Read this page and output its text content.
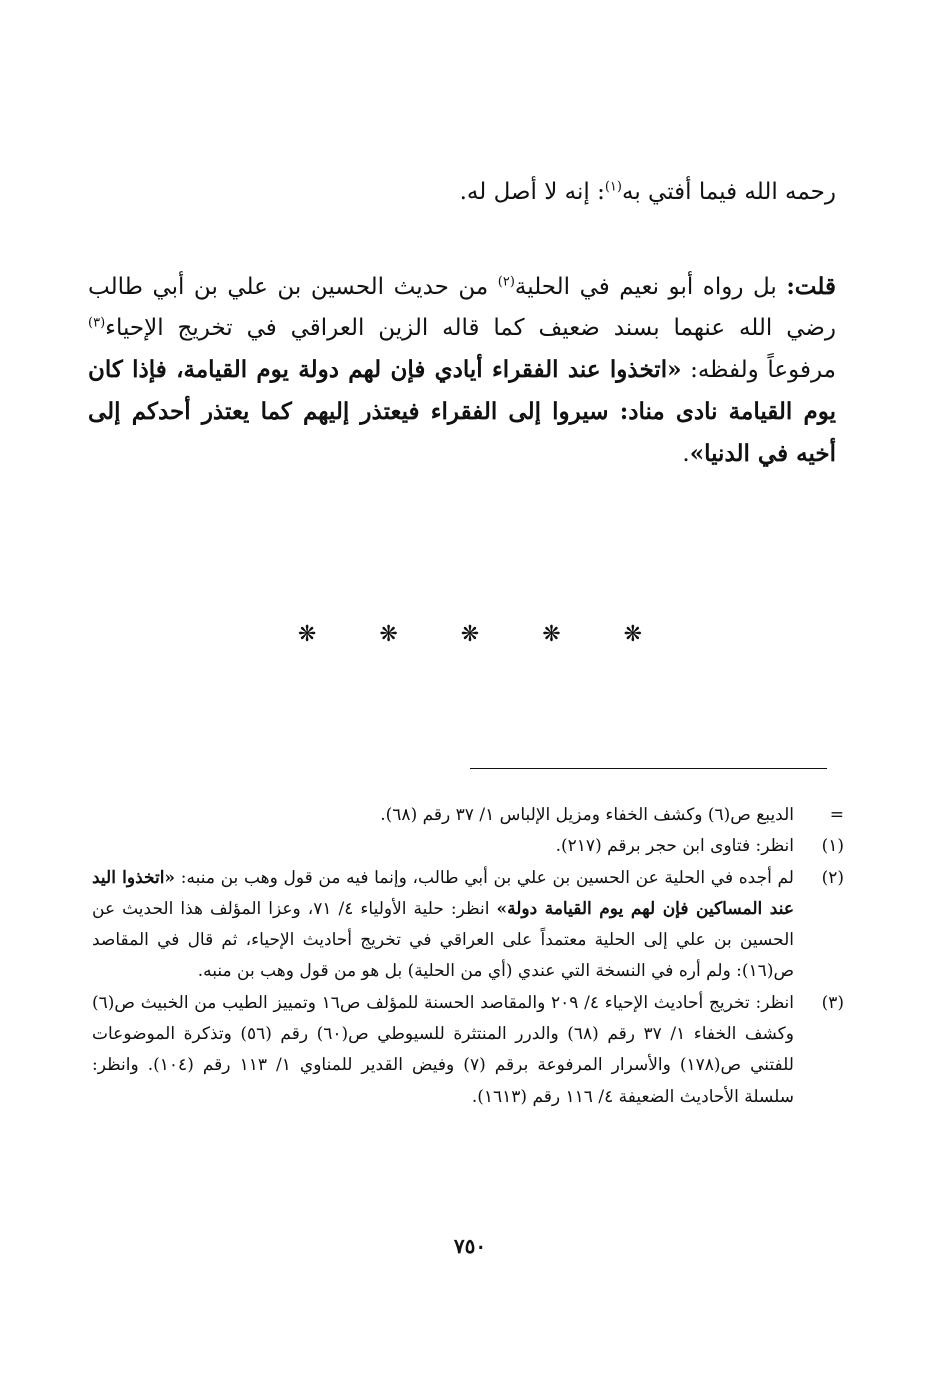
رحمه الله فيما أفتي به$^{(١)}$: إنه لا أصل له.
قلت: بل رواه أبو نعيم في الحلية$^{(٢)}$ من حديث الحسين بن علي بن أبي طالب رضي الله عنهما بسند ضعيف كما قاله الزين العراقي في تخريج الإحياء$^{(٣)}$ مرفوعاً ولفظه: «اتخذوا عند الفقراء أيادي فإن لهم دولة يوم القيامة، فإذا كان يوم القيامة نادى مناد: سيروا إلى الفقراء فيعتذر إليهم كما يعتذر أحدكم إلى أخيه في الدنيا».
❋ ❋ ❋ ❋ ❋
=
الديبع ص(٦) وكشف الخفاء ومزيل الإلباس ١/ ٣٧ رقم (٦٨).
(١)
انظر: فتاوى ابن حجر برقم (٢١٧).
(٢)
لم أجده في الحلية عن الحسين بن علي بن أبي طالب، وإنما فيه من قول وهب بن منبه: «اتخذوا اليد عند المساكين فإن لهم يوم القيامة دولة» انظر: حلية الأولياء ٤/ ٧١، وعزا المؤلف هذا الحديث عن الحسين بن علي إلى الحلية معتمداً على العراقي في تخريج أحاديث الإحياء، ثم قال في المقاصد ص(١٦): ولم أره في النسخة التي عندي (أي من الحلية) بل هو من قول وهب بن منبه.
(٣)
انظر: تخريج أحاديث الإحياء ٤/ ٢٠٩ والمقاصد الحسنة للمؤلف ص١٦ وتمييز الطيب من الخبيث ص(٦) وكشف الخفاء ١/ ٣٧ رقم (٦٨) والدرر المنتثرة للسيوطي ص(٦٠) رقم (٥٦) وتذكرة الموضوعات للفتني ص(١٧٨) والأسرار المرفوعة برقم (٧) وفيض القدير للمناوي ١/ ١١٣ رقم (١٠٤). وانظر: سلسلة الأحاديث الضعيفة ٤/ ١١٦ رقم (١٦١٣).
٧٥٠
